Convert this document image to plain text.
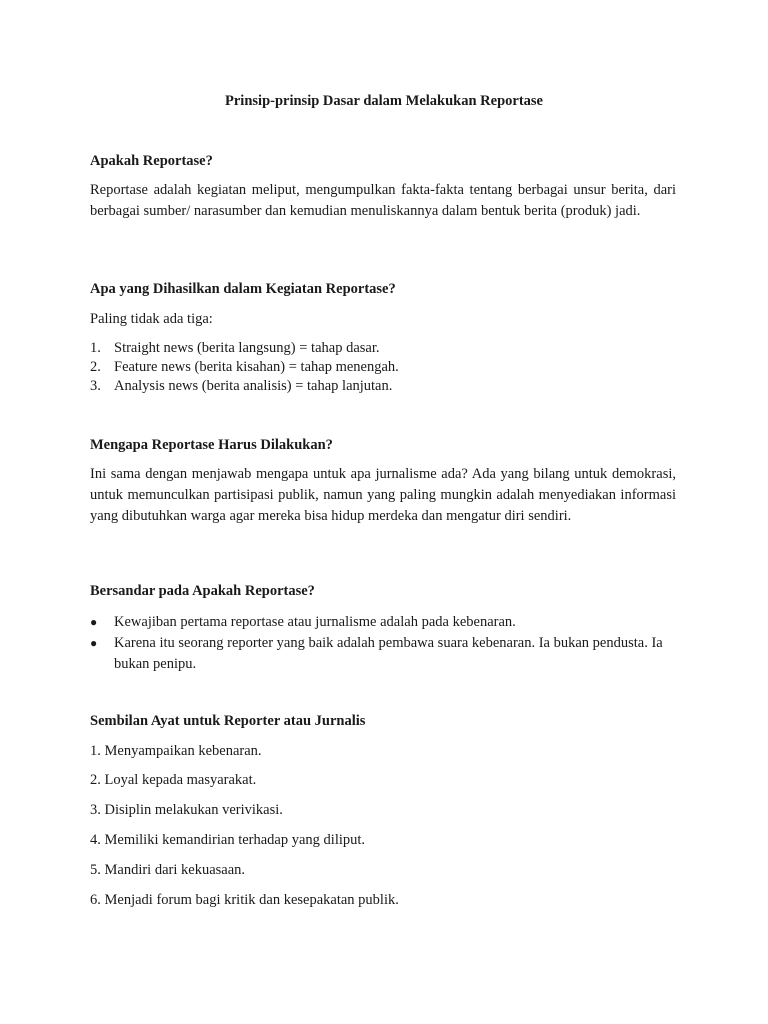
Prinsip-prinsip Dasar dalam Melakukan Reportase
Apakah Reportase?
Reportase adalah kegiatan meliput, mengumpulkan fakta-fakta tentang berbagai unsur berita, dari berbagai sumber/ narasumber dan kemudian menuliskannya dalam bentuk berita (produk) jadi.
Apa yang Dihasilkan dalam Kegiatan Reportase?
Paling tidak ada tiga:
1. Straight news (berita langsung) = tahap dasar.
2. Feature news (berita kisahan) = tahap menengah.
3. Analysis news (berita analisis) = tahap lanjutan.
Mengapa Reportase Harus Dilakukan?
Ini sama dengan menjawab mengapa untuk apa jurnalisme ada? Ada yang bilang untuk demokrasi, untuk memunculkan partisipasi publik, namun yang paling mungkin adalah menyediakan informasi yang dibutuhkan warga agar mereka bisa hidup merdeka dan mengatur diri sendiri.
Bersandar pada Apakah Reportase?
●	Kewajiban pertama reportase atau jurnalisme adalah pada kebenaran.
●	Karena itu seorang reporter yang baik adalah pembawa suara kebenaran. Ia bukan pendusta. Ia bukan penipu.
Sembilan Ayat untuk Reporter atau Jurnalis
1. Menyampaikan kebenaran.
2. Loyal kepada masyarakat.
3. Disiplin melakukan verivikasi.
4. Memiliki kemandirian terhadap yang diliput.
5. Mandiri dari kekuasaan.
6. Menjadi forum bagi kritik dan kesepakatan publik.
